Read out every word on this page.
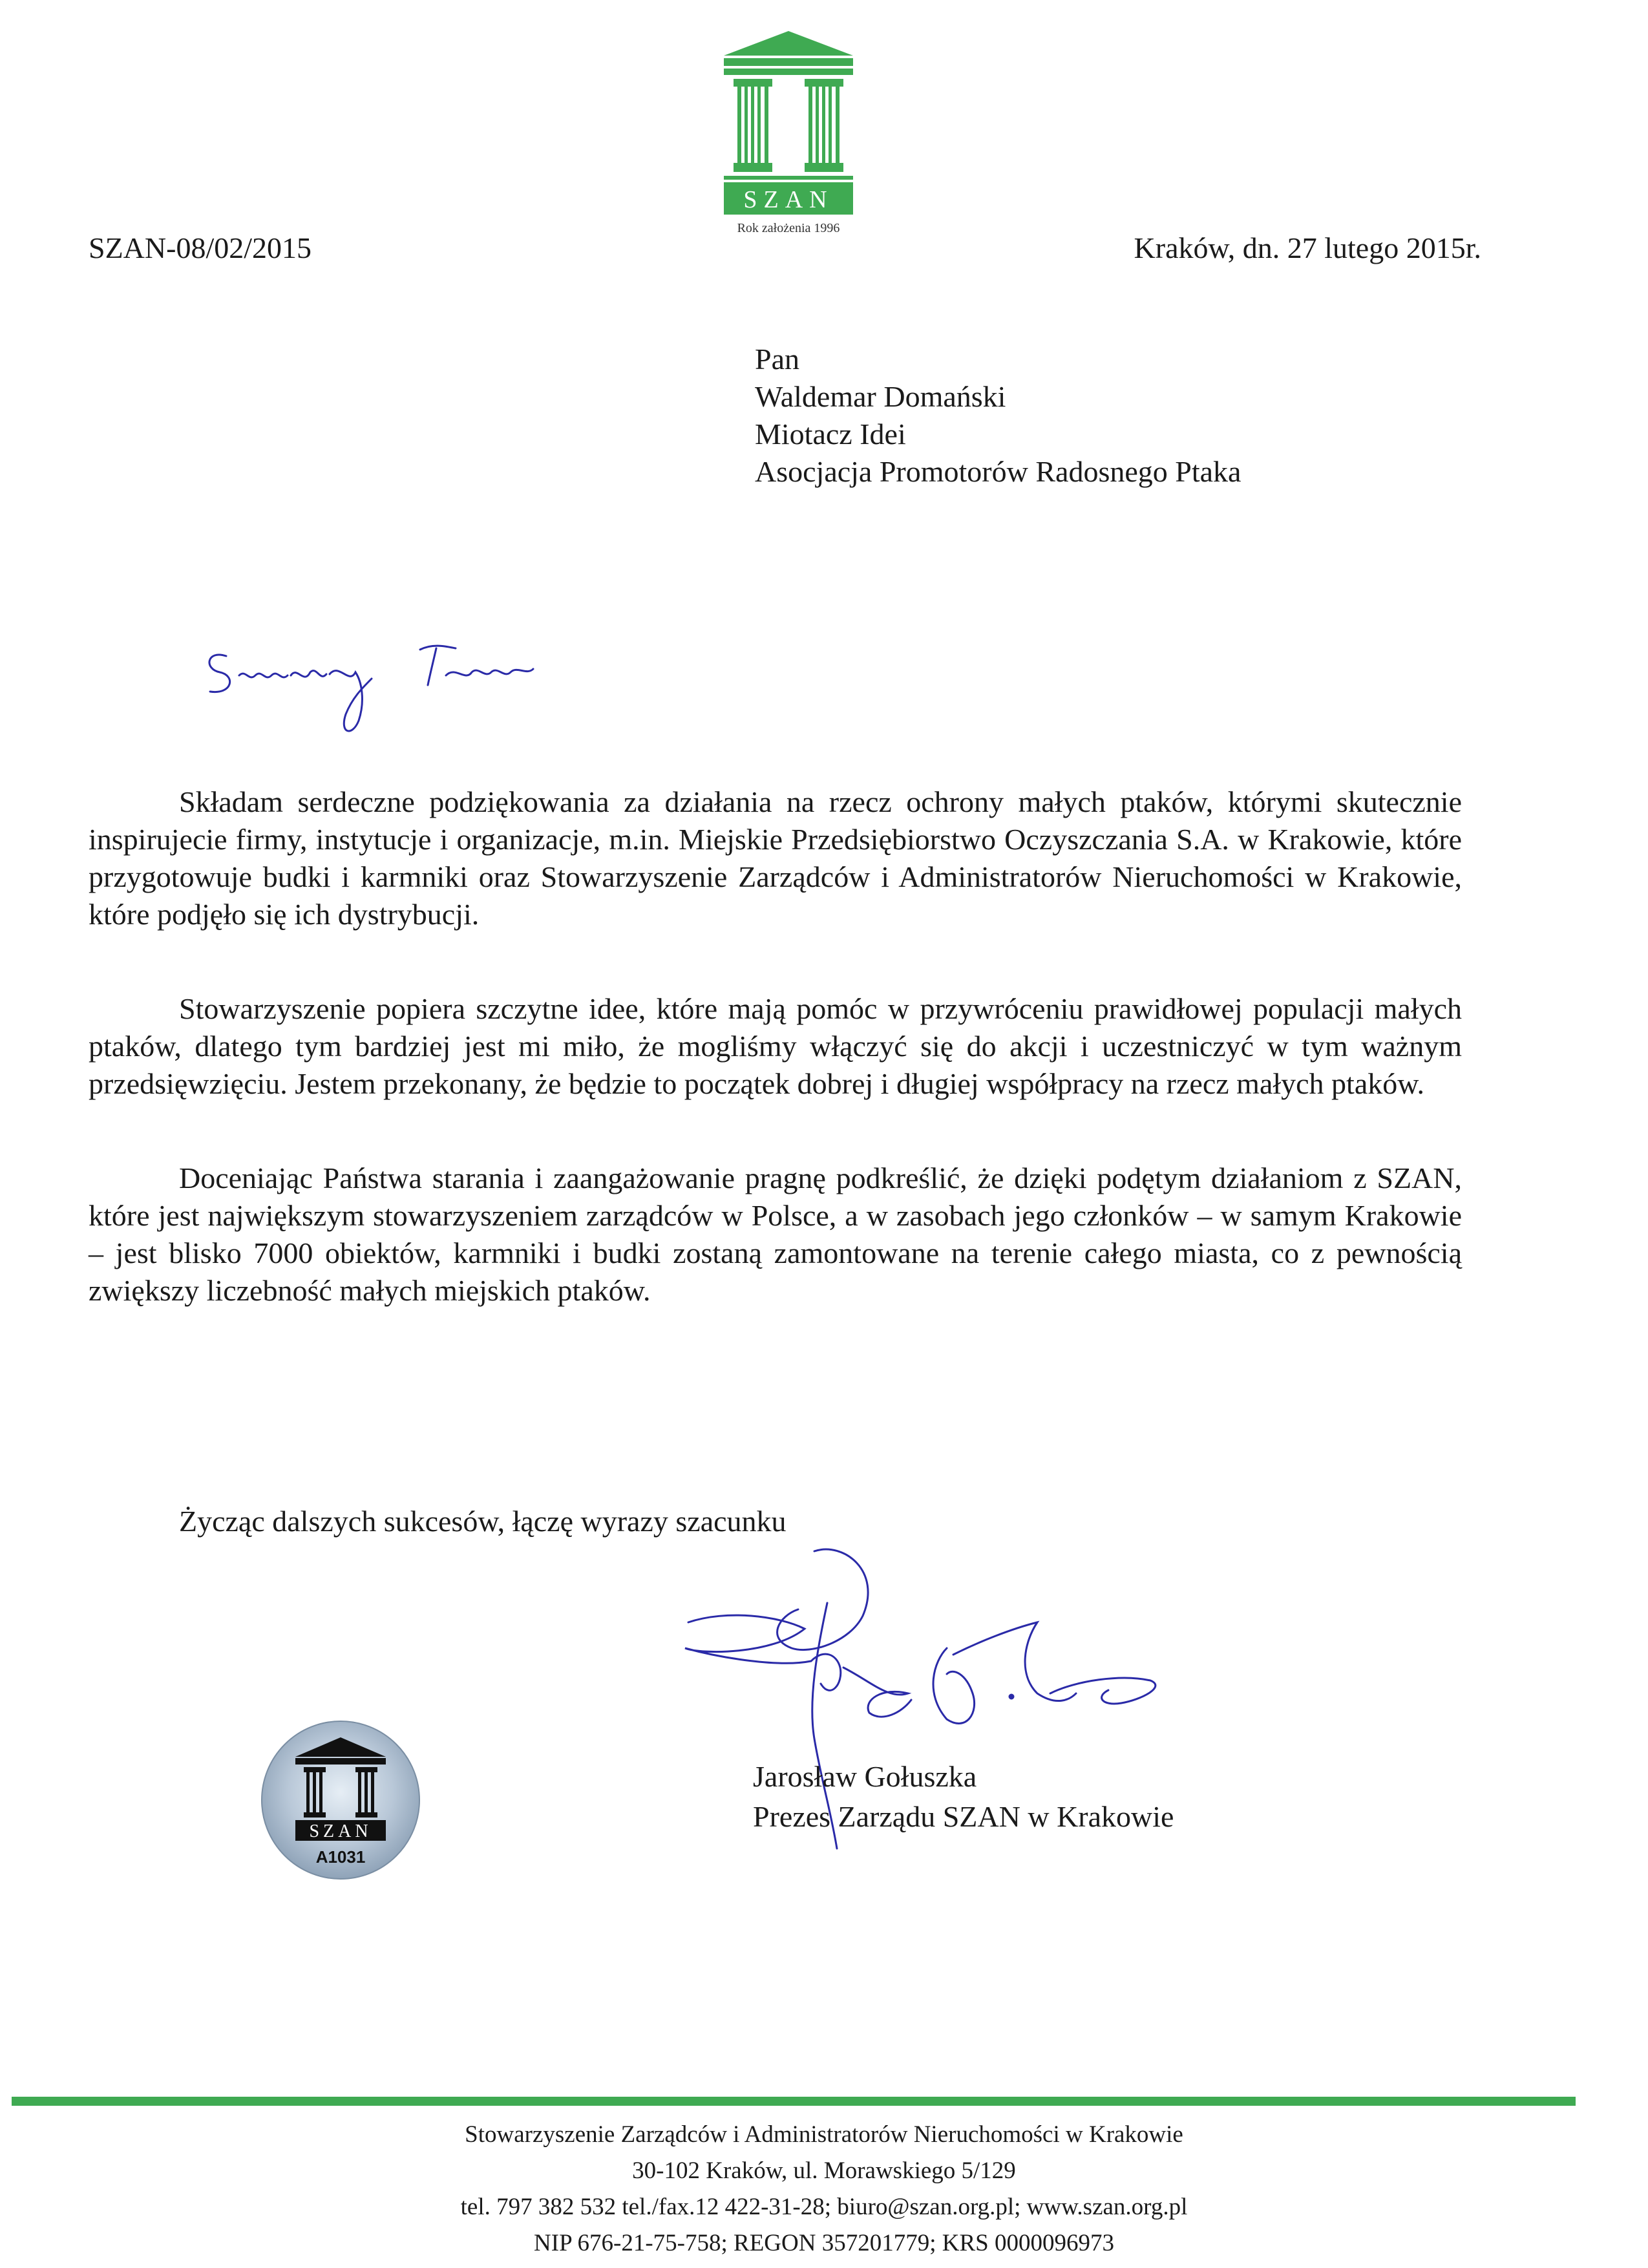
SZAN
Rok założenia 1996
SZAN-08/02/2015	Kraków, dn. 27 lutego 2015r.
Pan
Waldemar Domański
Miotacz Idei
Asocjacja Promotorów Radosnego Ptaka

Składam serdeczne podziękowania za działania na rzecz ochrony małych ptaków, którymi skutecznie inspirujecie firmy, instytucje i organizacje, m.in. Miejskie Przedsiębiorstwo Oczyszczania S.A. w Krakowie, które przygotowuje budki i karmniki oraz Stowarzyszenie Zarządców i Administratorów Nieruchomości w Krakowie, które podjęło się ich dystrybucji.

Stowarzyszenie popiera szczytne idee, które mają pomóc w przywróceniu prawidłowej populacji małych ptaków, dlatego tym bardziej jest mi miło, że mogliśmy włączyć się do akcji i uczestniczyć w tym ważnym przedsięwzięciu. Jestem przekonany, że będzie to początek dobrej i długiej współpracy na rzecz małych ptaków.

Doceniając Państwa starania i zaangażowanie pragnę podkreślić, że dzięki podętym działaniom z SZAN, które jest największym stowarzyszeniem zarządców w Polsce, a w zasobach jego członków – w samym Krakowie – jest blisko 7000 obiektów, karmniki i budki zostaną zamontowane na terenie całego miasta, co z pewnością zwiększy liczebność małych miejskich ptaków.

Życząc dalszych sukcesów, łączę wyrazy szacunku
SZAN
A1031
Jarosław Gołuszka
Prezes Zarządu SZAN w Krakowie
Stowarzyszenie Zarządców i Administratorów Nieruchomości w Krakowie
30-102 Kraków, ul. Morawskiego 5/129
tel. 797 382 532 tel./fax.12 422-31-28; biuro@szan.org.pl; www.szan.org.pl
NIP 676-21-75-758; REGON 357201779; KRS 0000096973
